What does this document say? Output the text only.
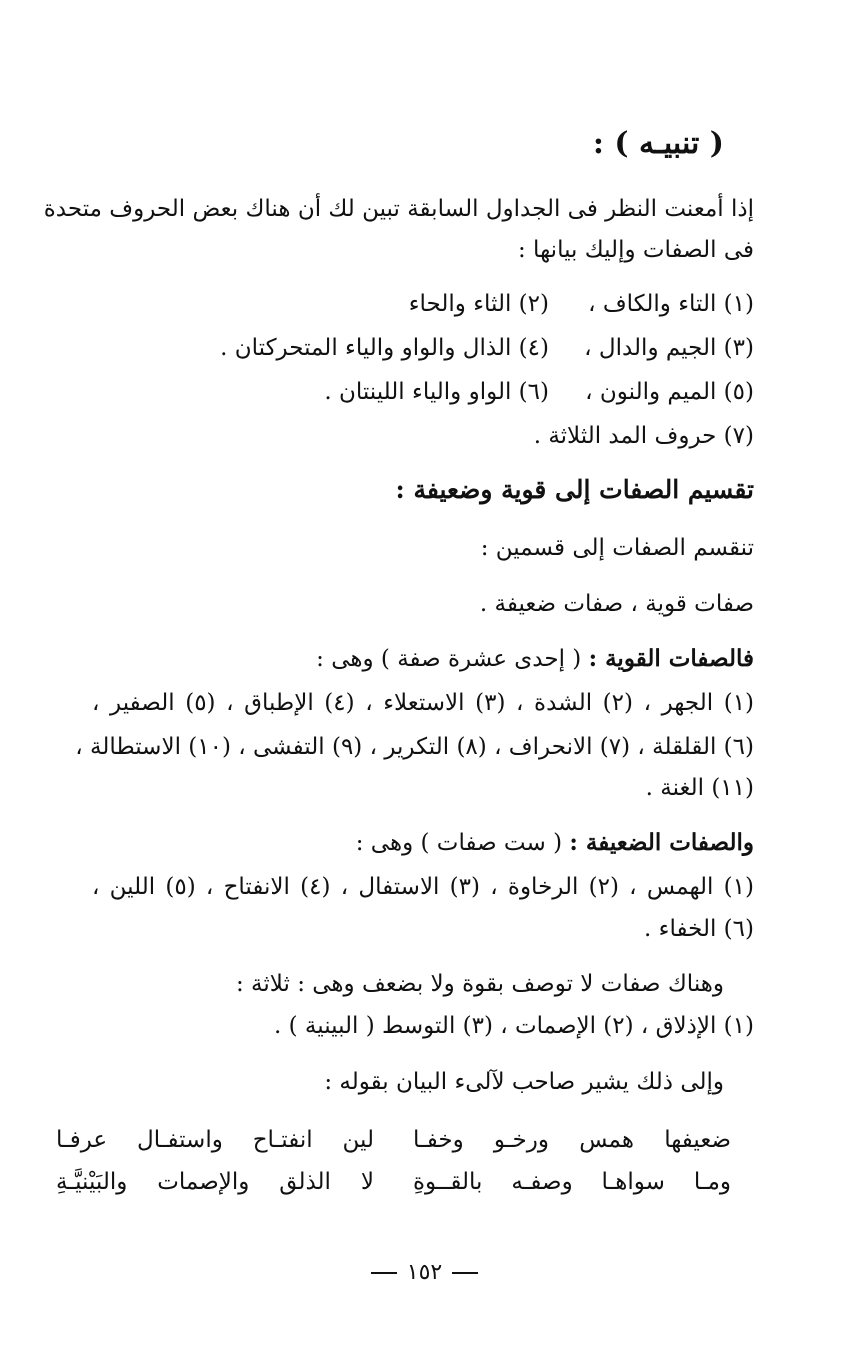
( تنبيـه ) :
إذا أمعنت النظر فى الجداول السابقة تبين لك أن هناك بعض الحروف متحدة
فى الصفات وإليك بيانها :
(١) التاء والكاف ،(٢) الثاء والحاء
(٣) الجيم والدال ،(٤) الذال والواو والياء المتحركتان .
(٥) الميم والنون ،(٦) الواو والياء اللينتان .
(٧) حروف المد الثلاثة .
تقسيم الصفات إلى قوية وضعيفة :
تنقسم الصفات إلى قسمين :
صفات قوية ، صفات ضعيفة .
فالصفات القوية : ( إحدى عشرة صفة ) وهى :
(١) الجهر ، (٢) الشدة ، (٣) الاستعلاء ، (٤) الإطباق ، (٥) الصفير ،
(٦) القلقلة ، (٧) الانحراف ، (٨) التكرير ، (٩) التفشى ، (١٠) الاستطالة ،
(١١) الغنة .
والصفات الضعيفة : ( ست صفات ) وهى :
(١) الهمس ، (٢) الرخاوة ، (٣) الاستفال ، (٤) الانفتاح ، (٥) اللين ،
(٦) الخفاء .
وهناك صفات لا توصف بقوة ولا بضعف وهى : ثلاثة :
(١) الإذلاق ، (٢) الإصمات ، (٣) التوسط ( البينية ) .
وإلى ذلك يشير صاحب لآلىء البيان بقوله :
ضعيفها همس ورخـو وخفـا
لين انفتـاح واستفـال عرفـا
ومـا سواهـا وصفـه بالقــوةِ
لا الذلق والإصمات والبَيْنيَّـةِ
١٥٢
